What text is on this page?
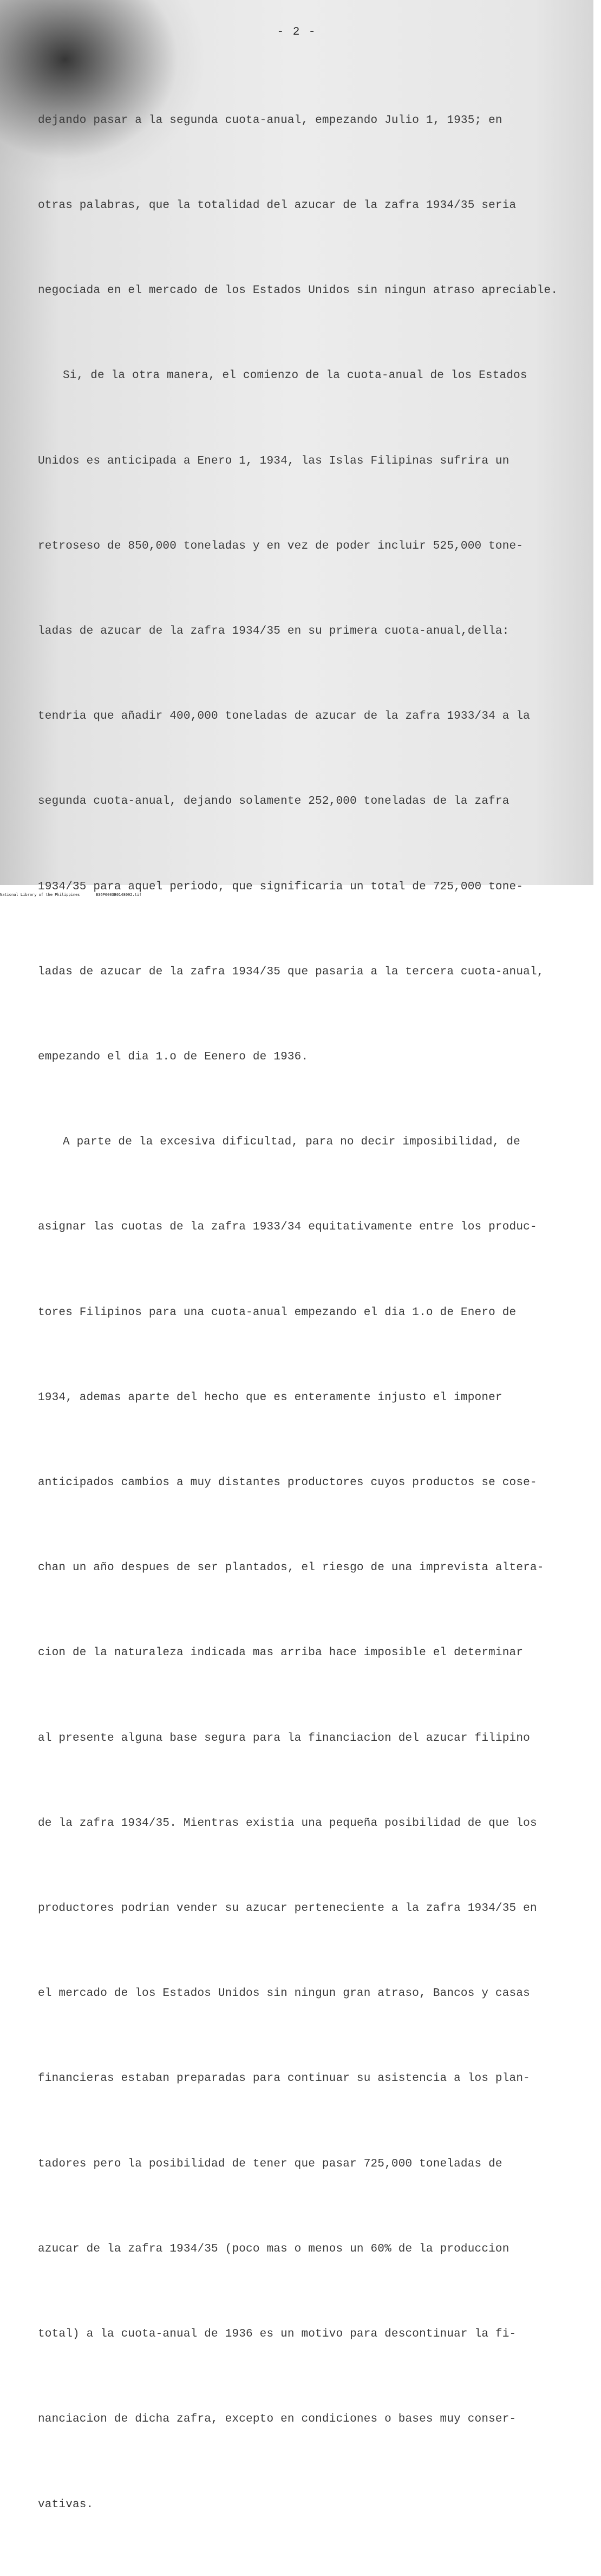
- 2 -

dejando pasar a la segunda cuota-anual, empezando Julio 1, 1935; en

otras palabras, que la totalidad del azucar de la zafra 1934/35 seria

negociada en el mercado de los Estados Unidos sin ningun atraso apreciable.

Si, de la otra manera, el comienzo de la cuota-anual de los Estados

Unidos es anticipada a Enero 1, 1934, las Islas Filipinas sufrira un

retroseso de 850,000 toneladas y en vez de poder incluir 525,000 tone-

ladas de azucar de la zafra 1934/35 en su primera cuota-anual,della:

tendria que añadir 400,000 toneladas de azucar de la zafra 1933/34 a la

segunda cuota-anual, dejando solamente 252,000 toneladas de la zafra

1934/35 para aquel periodo, que significaria un total de 725,000 tone-

ladas de azucar de la zafra 1934/35 que pasaria a la tercera cuota-anual,

empezando el dia 1.o de Eenero de 1936.

A parte de la excesiva dificultad, para no decir imposibilidad, de

asignar las cuotas de la zafra 1933/34 equitativamente entre los produc-

tores Filipinos para una cuota-anual empezando el dia 1.o de Enero de

1934, ademas aparte del hecho que es enteramente injusto el imponer

anticipados cambios a muy distantes productores cuyos productos se cose-

chan un año despues de ser plantados, el riesgo de una imprevista altera-

cion de la naturaleza indicada mas arriba hace imposible el determinar

al presente alguna base segura para la financiacion del azucar filipino

de la zafra 1934/35. Mientras existia una pequeña posibilidad de que los

productores podrian vender su azucar perteneciente a la zafra 1934/35 en

el mercado de los Estados Unidos sin ningun gran atraso, Bancos y casas

financieras estaban preparadas para continuar su asistencia a los plan-

tadores pero la posibilidad de tener que pasar 725,000 toneladas de

azucar de la zafra 1934/35 (poco mas o menos un 60% de la produccion

total) a la cuota-anual de 1936 es un motivo para descontinuar la fi-

nanciacion de dicha zafra, excepto en condiciones o bases muy conser-

vativas.

National Library of the Philippines	B36P0003B0148092.tif
